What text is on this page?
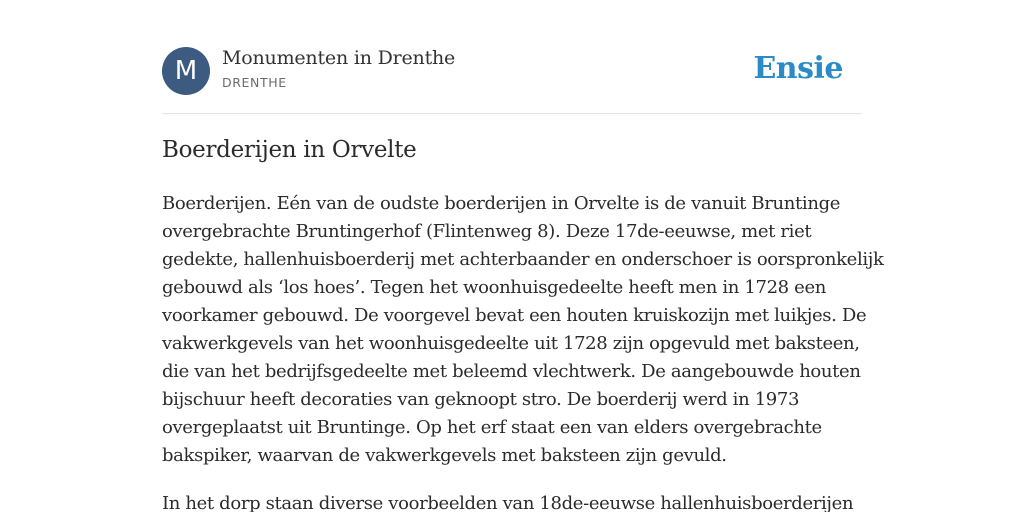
M	Monumenten in Drenthe
DRENTHE	Ensie
Boerderijen in Orvelte
Boerderijen. Eén van de oudste boerderijen in Orvelte is de vanuit Bruntinge
overgebrachte Bruntingerhof (Flintenweg 8). Deze 17de-eeuwse, met riet
gedekte, hallenhuisboerderij met achterbaander en onderschoer is oorspronkelijk
gebouwd als ‘los hoes’. Tegen het woonhuisgedeelte heeft men in 1728 een
voorkamer gebouwd. De voorgevel bevat een houten kruiskozijn met luikjes. De
vakwerkgevels van het woonhuisgedeelte uit 1728 zijn opgevuld met baksteen,
die van het bedrijfsgedeelte met beleemd vlechtwerk. De aangebouwde houten
bijschuur heeft decoraties van geknoopt stro. De boerderij werd in 1973
overgeplaatst uit Bruntinge. Op het erf staat een van elders overgebrachte
bakspiker, waarvan de vakwerkgevels met baksteen zijn gevuld.
In het dorp staan diverse voorbeelden van 18de-eeuwse hallenhuisboerderijen
